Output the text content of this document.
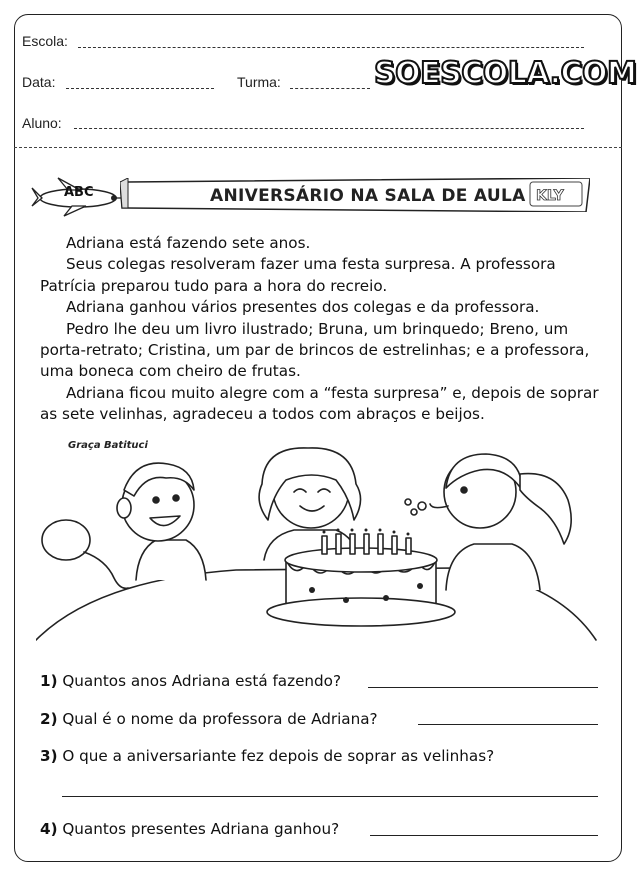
Escola:
Data:	Turma:	SOESCOLA.COM
Aluno:
ABC	KLY
ANIVERSÁRIO NA SALA DE AULA

Adriana está fazendo sete anos.

Seus colegas resolveram fazer uma festa surpresa. A professora Patrícia preparou tudo para a hora do recreio.

Adriana ganhou vários presentes dos colegas e da professora.

Pedro lhe deu um livro ilustrado; Bruna, um brinquedo; Breno, um porta-retrato; Cristina, um par de brincos de estrelinhas; e a professora, uma boneca com cheiro de frutas.

Adriana ficou muito alegre com a “festa surpresa” e, depois de soprar as sete velinhas, agradeceu a todos com abraços e beijos.

Graça Batituci
1) Quantos anos Adriana está fazendo?
2) Qual é o nome da professora de Adriana?
3) O que a aniversariante fez depois de soprar as velinhas?
4) Quantos presentes Adriana ganhou?
